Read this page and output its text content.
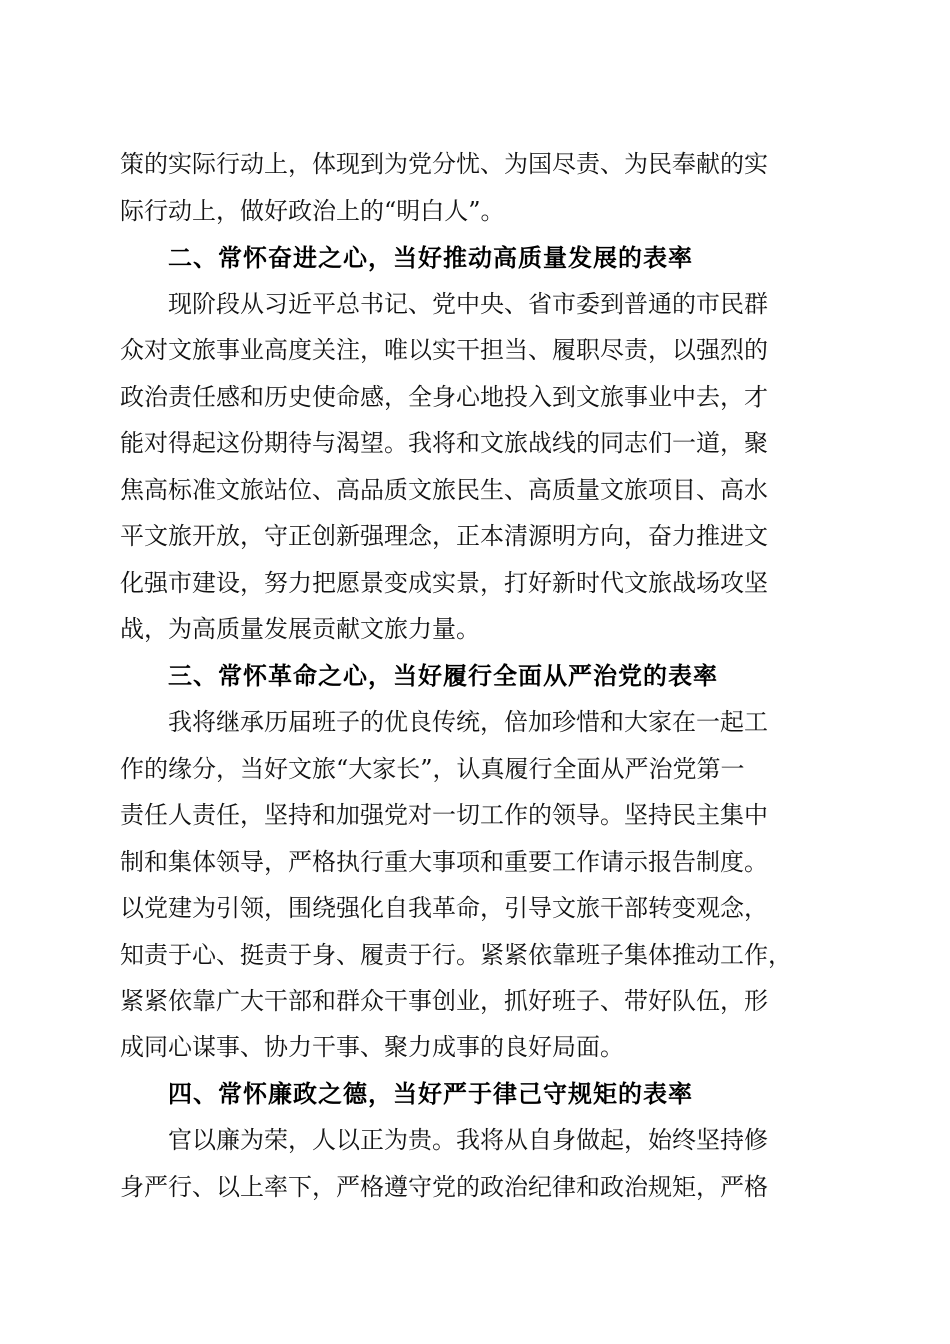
策的实际行动上，体现到为党分忧、为国尽责、为民奉献的实
际行动上，做好政治上的“明白人”。
二、常怀奋进之心，当好推动高质量发展的表率
现阶段从习近平总书记、党中央、省市委到普通的市民群
众对文旅事业高度关注，唯以实干担当、履职尽责，以强烈的
政治责任感和历史使命感，全身心地投入到文旅事业中去，才
能对得起这份期待与渴望。我将和文旅战线的同志们一道，聚
焦高标准文旅站位、高品质文旅民生、高质量文旅项目、高水
平文旅开放，守正创新强理念，正本清源明方向，奋力推进文
化强市建设，努力把愿景变成实景，打好新时代文旅战场攻坚
战，为高质量发展贡献文旅力量。
三、常怀革命之心，当好履行全面从严治党的表率
我将继承历届班子的优良传统，倍加珍惜和大家在一起工
作的缘分，当好文旅“大家长”，认真履行全面从严治党第一
责任人责任，坚持和加强党对一切工作的领导。坚持民主集中
制和集体领导，严格执行重大事项和重要工作请示报告制度。
以党建为引领，围绕强化自我革命，引导文旅干部转变观念，
知责于心、挺责于身、履责于行。紧紧依靠班子集体推动工作，
紧紧依靠广大干部和群众干事创业，抓好班子、带好队伍，形
成同心谋事、协力干事、聚力成事的良好局面。
四、常怀廉政之德，当好严于律己守规矩的表率
官以廉为荣，人以正为贵。我将从自身做起，始终坚持修
身严行、以上率下，严格遵守党的政治纪律和政治规矩，严格
